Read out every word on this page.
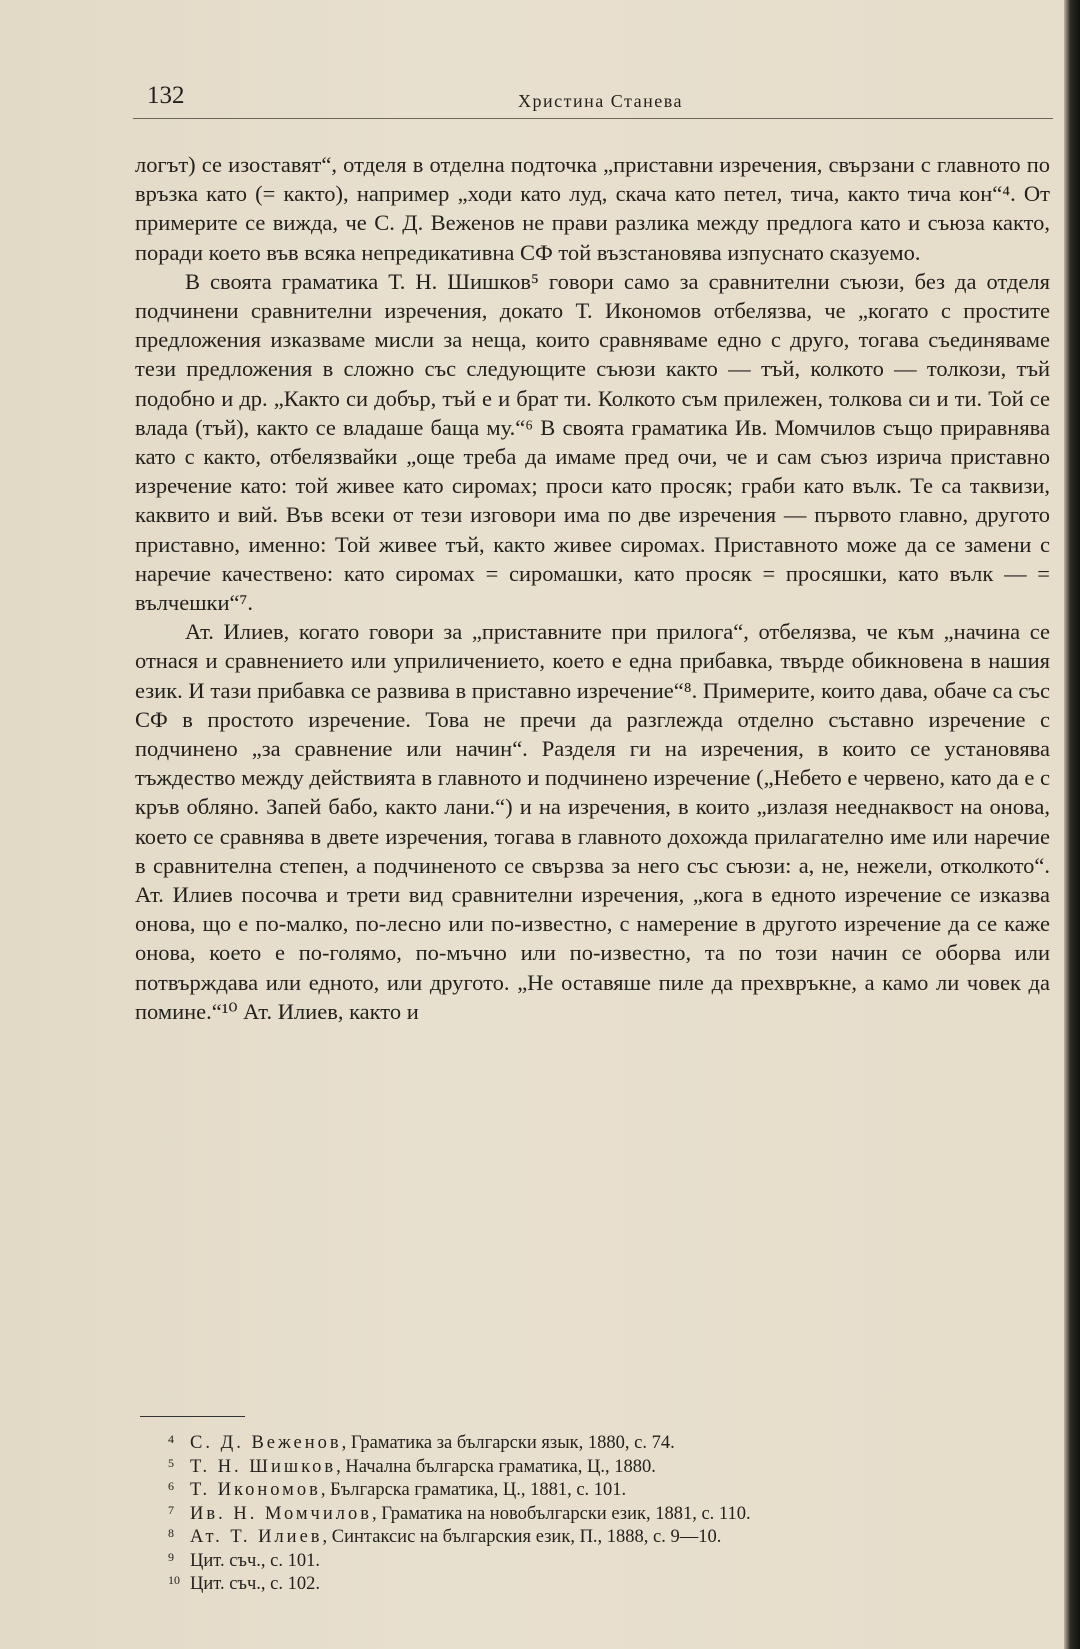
132	Христина Станева

логът) се изоставят“, отделя в отделна подточка „приставни изречения, свързани с главното по връзка като (= както), например „ходи като луд, скача като петел, тича, както тича кон“⁴. От примерите се вижда, че С. Д. Веженов не прави разлика между предлога като и съюза както, поради което във всяка непредикативна СФ той възстановява изпуснато сказуемо.

В своята граматика Т. Н. Шишков⁵ говори само за сравнителни съюзи, без да отделя подчинени сравнителни изречения, докато Т. Икономов отбелязва, че „когато с простите предложения изказваме мисли за неща, които сравняваме едно с друго, тогава съединяваме тези предложения в сложно със следующите съюзи както — тъй, колкото — толкози, тъй подобно и др. „Както си добър, тъй е и брат ти. Колкото съм прилежен, толкова си и ти. Той се влада (тъй), както се владаше баща му.“⁶ В своята граматика Ив. Момчилов също приравнява като с както, отбелязвайки „още треба да имаме пред очи, че и сам съюз изрича приставно изречение като: той живее като сиромах; проси като просяк; граби като вълк. Те са таквизи, каквито и вий. Във всеки от тези изговори има по две изречения — първото главно, другото приставно, именно: Той живее тъй, както живее сиромах. Приставното може да се замени с наречие качествено: като сиромах = сиромашки, като просяк = просяшки, като вълк — = вълчешки“⁷.

Ат. Илиев, когато говори за „приставните при прилога“, отбелязва, че към „начина се отнася и сравнението или уприличението, което е една прибавка, твърде обикновена в нашия език. И тази прибавка се развива в приставно изречение“⁸. Примерите, които дава, обаче са със СФ в простото изречение. Това не пречи да разглежда отделно съставно изречение с подчинено „за сравнение или начин“. Разделя ги на изречения, в които се установява тъждество между действията в главното и подчинено изречение („Небето е червено, като да е с кръв обляно. Запей бабо, както лани.“) и на изречения, в които „излазя нееднаквост на онова, което се сравнява в двете изречения, тогава в главното дохожда прилагателно име или наречие в сравнителна степен, а подчиненото се свързва за него със съюзи: а, не, нежели, отколкото“. Ат. Илиев посочва и трети вид сравнителни изречения, „кога в едното изречение се изказва онова, що е по-малко, по-лесно или по-известно, с намерение в другото изречение да се каже онова, което е по-голямо, по-мъчно или по-известно, та по този начин се оборва или потвърждава или едното, или другото. „Не оставяше пиле да прехвръкне, а камо ли човек да помине.“¹⁰ Ат. Илиев, както и

4 С. Д. Веженов, Граматика за български язык, 1880, с. 74.
5 Т. Н. Шишков, Начална българска граматика, Ц., 1880.
6 Т. Икономов, Българска граматика, Ц., 1881, с. 101.
7 Ив. Н. Момчилов, Граматика на новобългарски език, 1881, с. 110.
8 Ат. Т. Илиев, Синтаксис на българския език, П., 1888, с. 9—10.
9 Цит. съч., с. 101.
10 Цит. съч., с. 102.
